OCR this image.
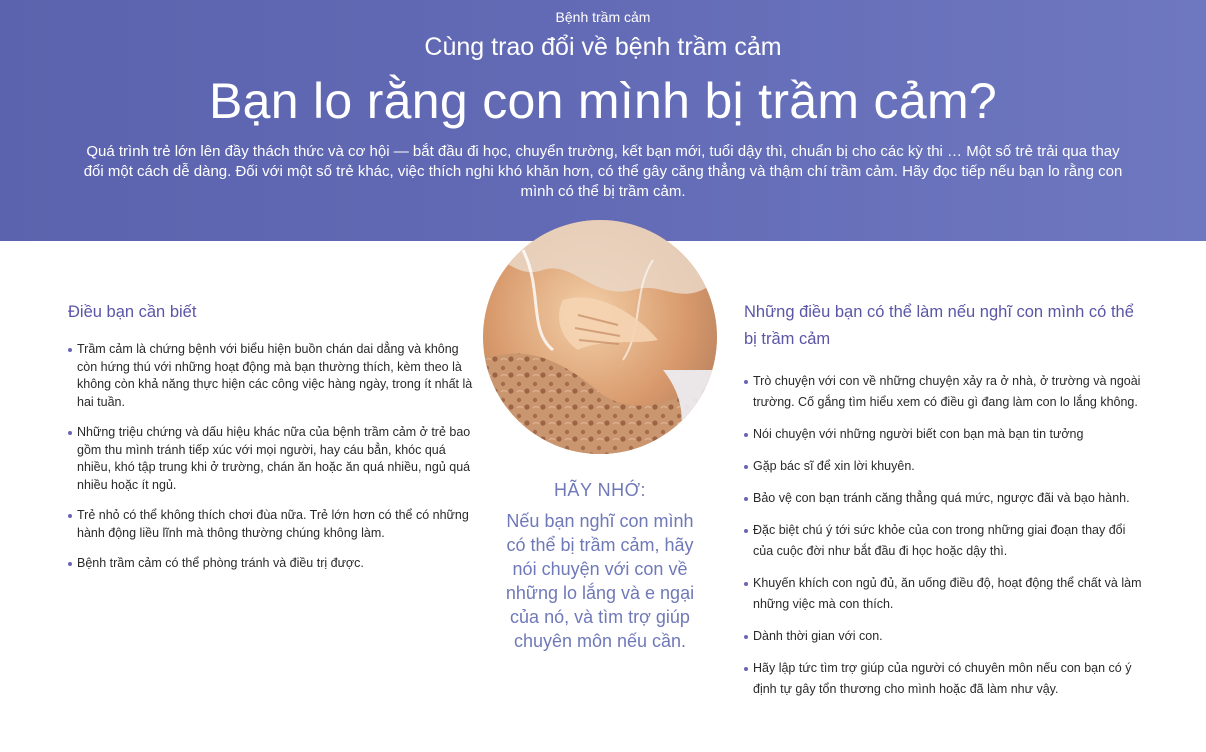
Bệnh trầm cảm
Cùng trao đổi về bệnh trầm cảm
Bạn lo rằng con mình bị trầm cảm?

Quá trình trẻ lớn lên đầy thách thức và cơ hội — bắt đầu đi học, chuyển trường, kết bạn mới, tuổi dậy thì, chuẩn bị cho các kỳ thi … Một số trẻ trải qua thay đổi một cách dễ dàng. Đối với một số trẻ khác, việc thích nghi khó khăn hơn, có thể gây căng thẳng và thậm chí trầm cảm. Hãy đọc tiếp nếu bạn lo rằng con mình có thể bị trầm cảm.

Điều bạn cần biết
Trầm cảm là chứng bệnh với biểu hiện buồn chán dai dẳng và không còn hứng thú với những hoạt động mà bạn thường thích, kèm theo là không còn khả năng thực hiện các công việc hàng ngày, trong ít nhất là hai tuần.
Những triệu chứng và dấu hiệu khác nữa của bệnh trầm cảm ở trẻ bao gồm thu mình tránh tiếp xúc với mọi người, hay cáu bẳn, khóc quá nhiều, khó tập trung khi ở trường, chán ăn hoặc ăn quá nhiều, ngủ quá nhiều hoặc ít ngủ.
Trẻ nhỏ có thể không thích chơi đùa nữa. Trẻ lớn hơn có thể có những hành động liều lĩnh mà thông thường chúng không làm.
Bệnh trầm cảm có thể phòng tránh và điều trị được.
HÃY NHỚ:
Nếu bạn nghĩ con mình có thể bị trầm cảm, hãy nói chuyện với con về những lo lắng và e ngại của nó, và tìm trợ giúp chuyên môn nếu cần.
Những điều bạn có thể làm nếu nghĩ con mình có thể bị trầm cảm
Trò chuyện với con về những chuyện xảy ra ở nhà, ở trường và ngoài trường. Cố gắng tìm hiểu xem có điều gì đang làm con lo lắng không.
Nói chuyện với những người biết con bạn mà bạn tin tưởng
Gặp bác sĩ để xin lời khuyên.
Bảo vệ con bạn tránh căng thẳng quá mức, ngược đãi và bạo hành.
Đặc biệt chú ý tới sức khỏe của con trong những giai đoạn thay đổi của cuộc đời như bắt đầu đi học hoặc dậy thì.
Khuyến khích con ngủ đủ, ăn uống điều độ, hoạt động thể chất và làm những việc mà con thích.
Dành thời gian với con.
Hãy lập tức tìm trợ giúp của người có chuyên môn nếu con bạn có ý định tự gây tổn thương cho mình hoặc đã làm như vậy.
